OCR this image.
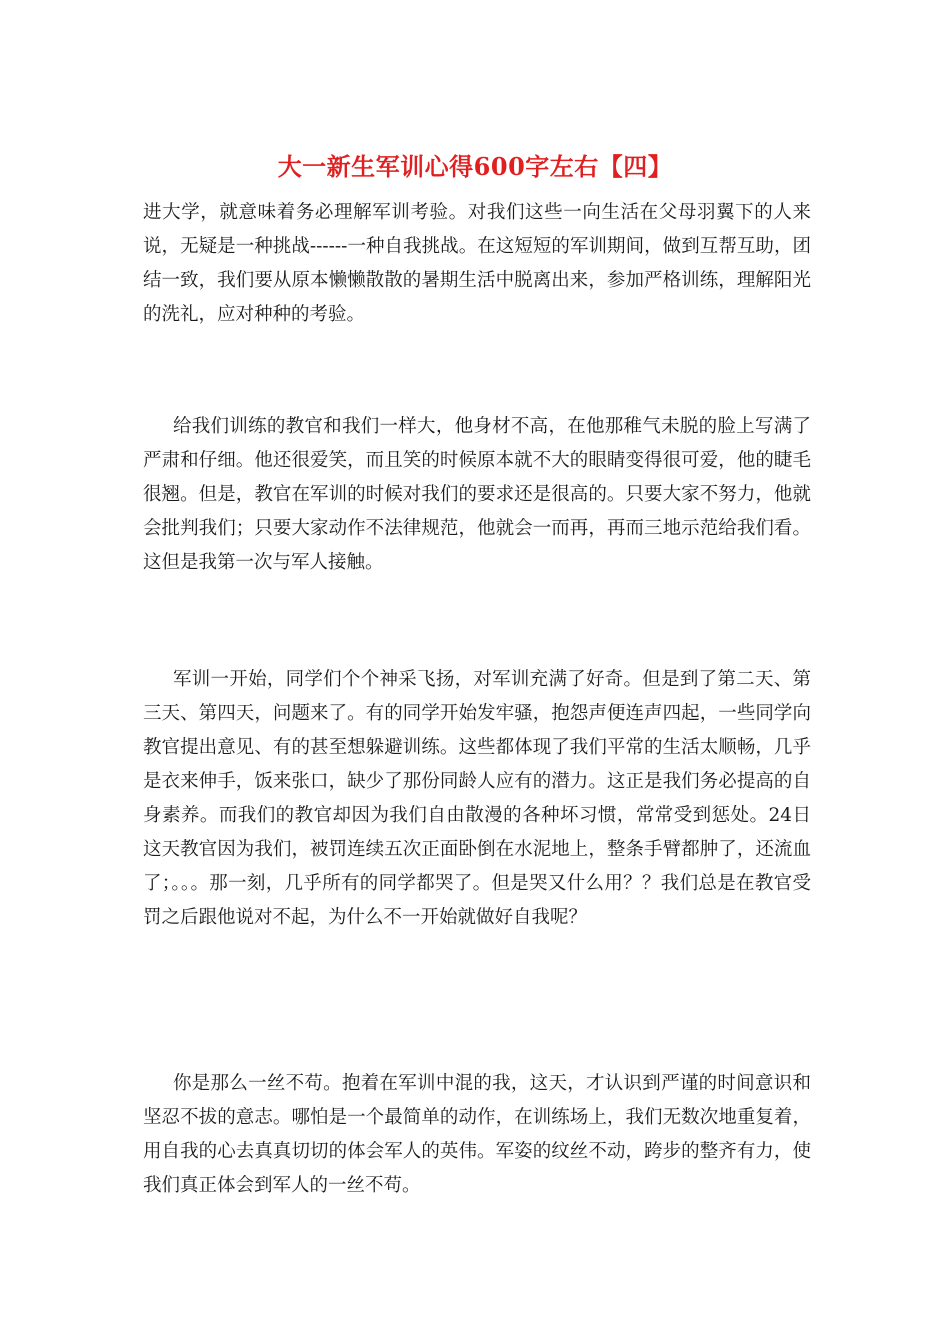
大一新生军训心得600字左右【四】

进大学，就意味着务必理解军训考验。对我们这些一向生活在父母羽翼下的人来说，无疑是一种挑战------一种自我挑战。在这短短的军训期间，做到互帮互助，团结一致，我们要从原本懒懒散散的暑期生活中脱离出来，参加严格训练，理解阳光的洗礼，应对种种的考验。

给我们训练的教官和我们一样大，他身材不高，在他那稚气未脱的脸上写满了严肃和仔细。他还很爱笑，而且笑的时候原本就不大的眼睛变得很可爱，他的睫毛很翘。但是，教官在军训的时候对我们的要求还是很高的。只要大家不努力，他就会批判我们；只要大家动作不法律规范，他就会一而再，再而三地示范给我们看。这但是我第一次与军人接触。

军训一开始，同学们个个神采飞扬，对军训充满了好奇。但是到了第二天、第三天、第四天，问题来了。有的同学开始发牢骚，抱怨声便连声四起，一些同学向教官提出意见、有的甚至想躲避训练。这些都体现了我们平常的生活太顺畅，几乎是衣来伸手，饭来张口，缺少了那份同龄人应有的潜力。这正是我们务必提高的自身素养。而我们的教官却因为我们自由散漫的各种坏习惯，常常受到惩处。24日这天教官因为我们，被罚连续五次正面卧倒在水泥地上，整条手臂都肿了，还流血了；。。。那一刻，几乎所有的同学都哭了。但是哭又什么用？？我们总是在教官受罚之后跟他说对不起，为什么不一开始就做好自我呢？

你是那么一丝不苟。抱着在军训中混的我，这天，才认识到严谨的时间意识和坚忍不拔的意志。哪怕是一个最简单的动作，在训练场上，我们无数次地重复着，用自我的心去真真切切的体会军人的英伟。军姿的纹丝不动，跨步的整齐有力，使我们真正体会到军人的一丝不苟。
